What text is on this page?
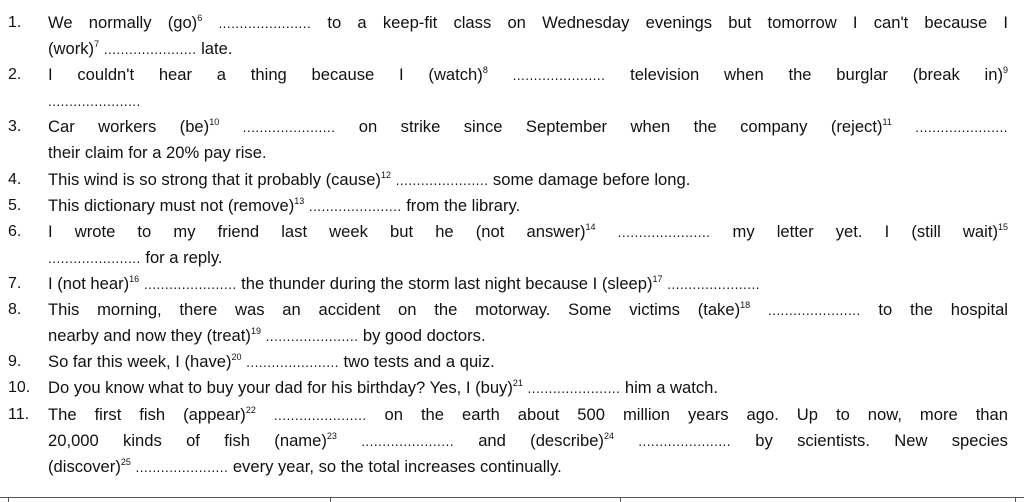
1. We normally (go)$^6$ ...................... to a keep-fit class on Wednesday evenings but tomorrow I can't because I
(work)$^7$ ...................... late.
2. I couldn't hear a thing because I (watch)$^8$ ...................... television when the burglar (break in)$^9$
......................
3. Car workers (be)$^{10}$ ...................... on strike since September when the company (reject)$^{11}$ ......................
their claim for a 20% pay rise.
4. This wind is so strong that it probably (cause)$^{12}$ ...................... some damage before long.
5. This dictionary must not (remove)$^{13}$ ...................... from the library.
6. I wrote to my friend last week but he (not answer)$^{14}$ ...................... my letter yet. I (still wait)$^{15}$
...................... for a reply.
7. I (not hear)$^{16}$ ...................... the thunder during the storm last night because I (sleep)$^{17}$ ......................
8. This morning, there was an accident on the motorway. Some victims (take)$^{18}$ ...................... to the hospital
nearby and now they (treat)$^{19}$ ...................... by good doctors.
9. So far this week, I (have)$^{20}$ ...................... two tests and a quiz.
10. Do you know what to buy your dad for his birthday? Yes, I (buy)$^{21}$ ...................... him a watch.
11. The first fish (appear)$^{22}$ ...................... on the earth about 500 million years ago. Up to now, more than
20,000 kinds of fish (name)$^{23}$ ...................... and (describe)$^{24}$ ...................... by scientists. New species
(discover)$^{25}$ ...................... every year, so the total increases continually.
